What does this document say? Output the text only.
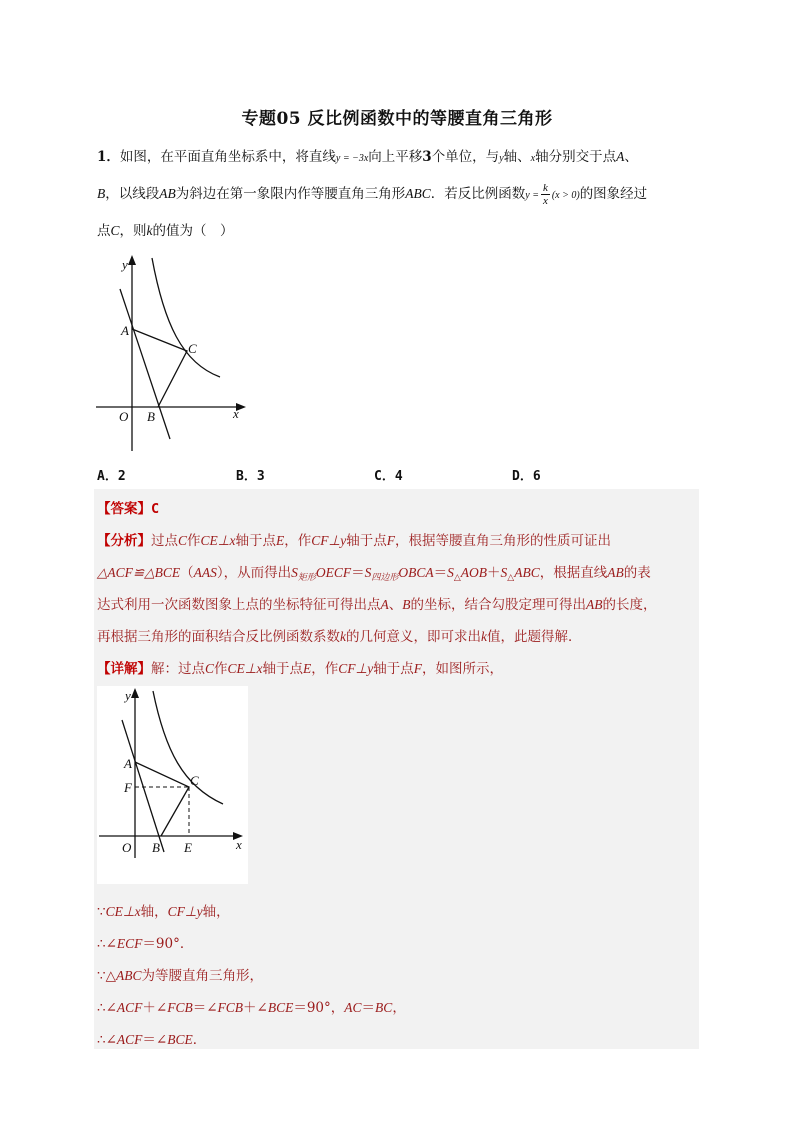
专题05 反比例函数中的等腰直角三角形
1．如图，在平面直角坐标系中，将直线y = −3x向上平移3个单位，与y轴、x轴分别交于点A、
B，以线段AB为斜边在第一象限内作等腰直角三角形ABC．若反比例函数$y = \frac{k}{x} (x > 0)$的图象经过
点C，则k的值为（　）
y
A
C
O B	x
A．2	B．3	C．4	D．6
【答案】C
【分析】过点C作CE⊥x轴于点E，作CF⊥y轴于点F，根据等腰直角三角形的性质可证出
△ACF≌△BCE（AAS），从而得出$S_{矩形}OECF=S_{四边形}OBCA=S_\triangle AOB+S_\triangle ABC$，根据直线AB的表
达式利用一次函数图象上点的坐标特征可得出点A、B的坐标，结合勾股定理可得出AB的长度，
再根据三角形的面积结合反比例函数系数k的几何意义，即可求出k值，此题得解．
【详解】解：过点C作CE⊥x轴于点E，作CF⊥y轴于点F，如图所示，
y
A
F	C
O B E	x
∵CE⊥x轴，CF⊥y轴，
∴∠ECF＝90°．
∵△ABC为等腰直角三角形，
∴∠ACF＋∠FCB＝∠FCB＋∠BCE＝90°，AC＝BC，
∴∠ACF＝∠BCE．
